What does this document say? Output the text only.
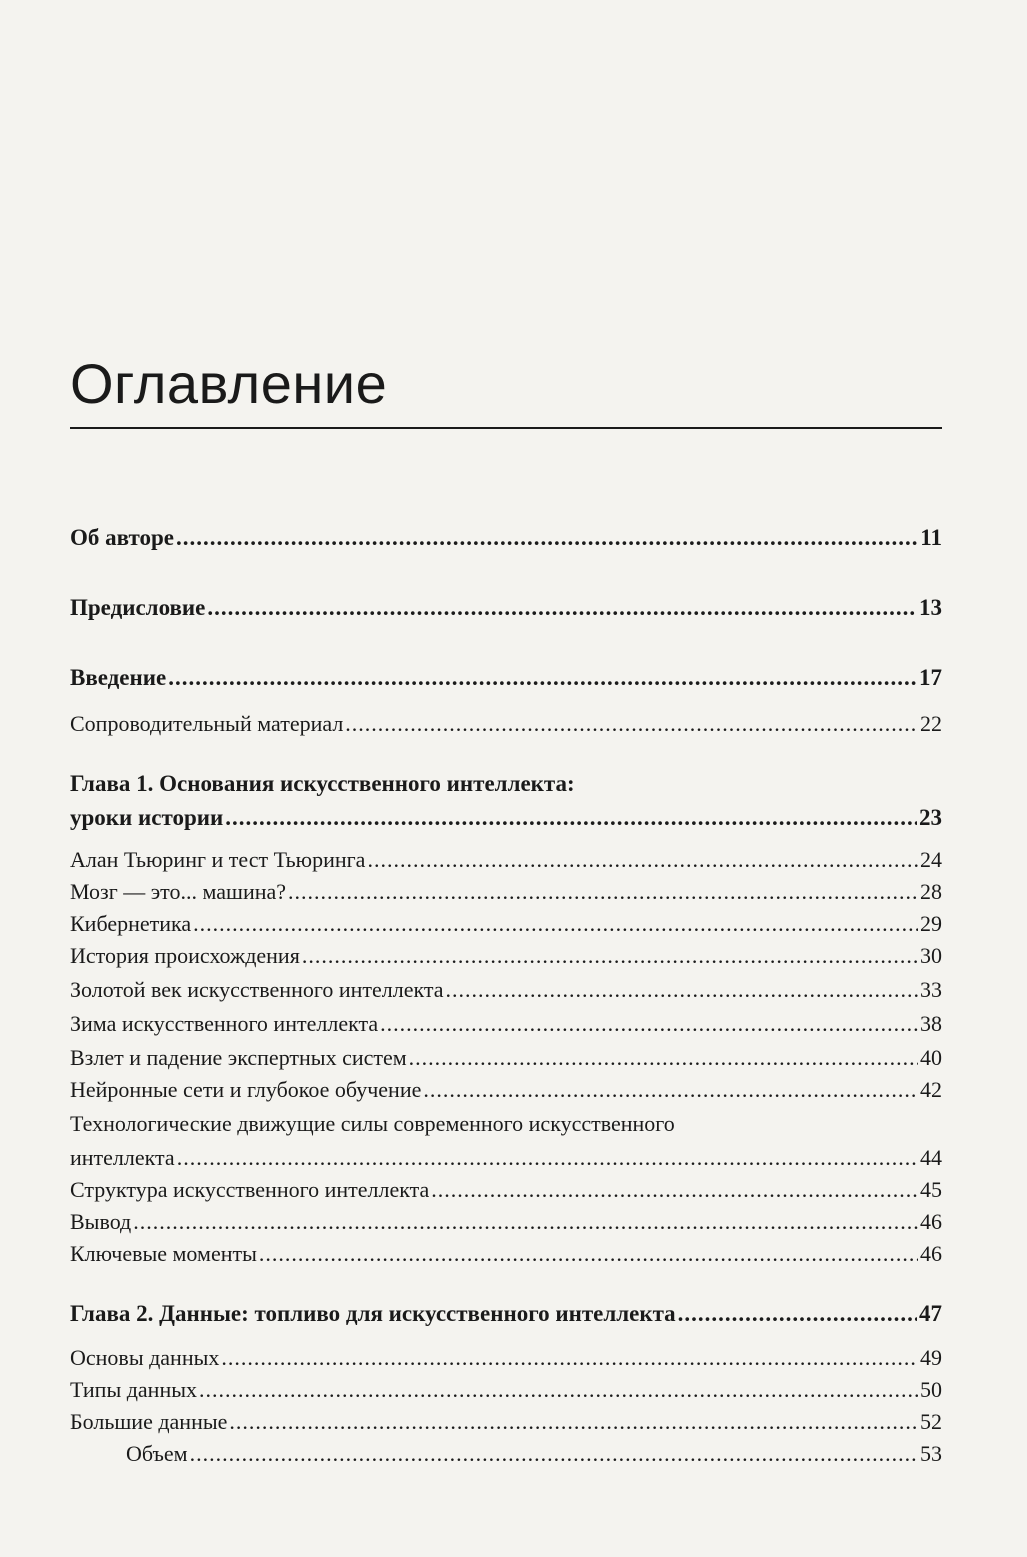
Оглавление
Об авторе .....	11
Предисловие .....	13
Введение .....	17
Сопроводительный материал .....	22
Глава 1. Основания искусственного интеллекта:
уроки истории .....	23
Алан Тьюринг и тест Тьюринга .....	24
Мозг — это... машина? .....	28
Кибернетика .....	29
История происхождения .....	30
Золотой век искусственного интеллекта .....	33
Зима искусственного интеллекта .....	38
Взлет и падение экспертных систем .....	40
Нейронные сети и глубокое обучение .....	42
Технологические движущие силы современного искусственного
интеллекта .....	44
Структура искусственного интеллекта .....	45
Вывод .....	46
Ключевые моменты .....	46
Глава 2. Данные: топливо для искусственного интеллекта .....	47
Основы данных .....	49
Типы данных .....	50
Большие данные .....	52
Объем .....	53
